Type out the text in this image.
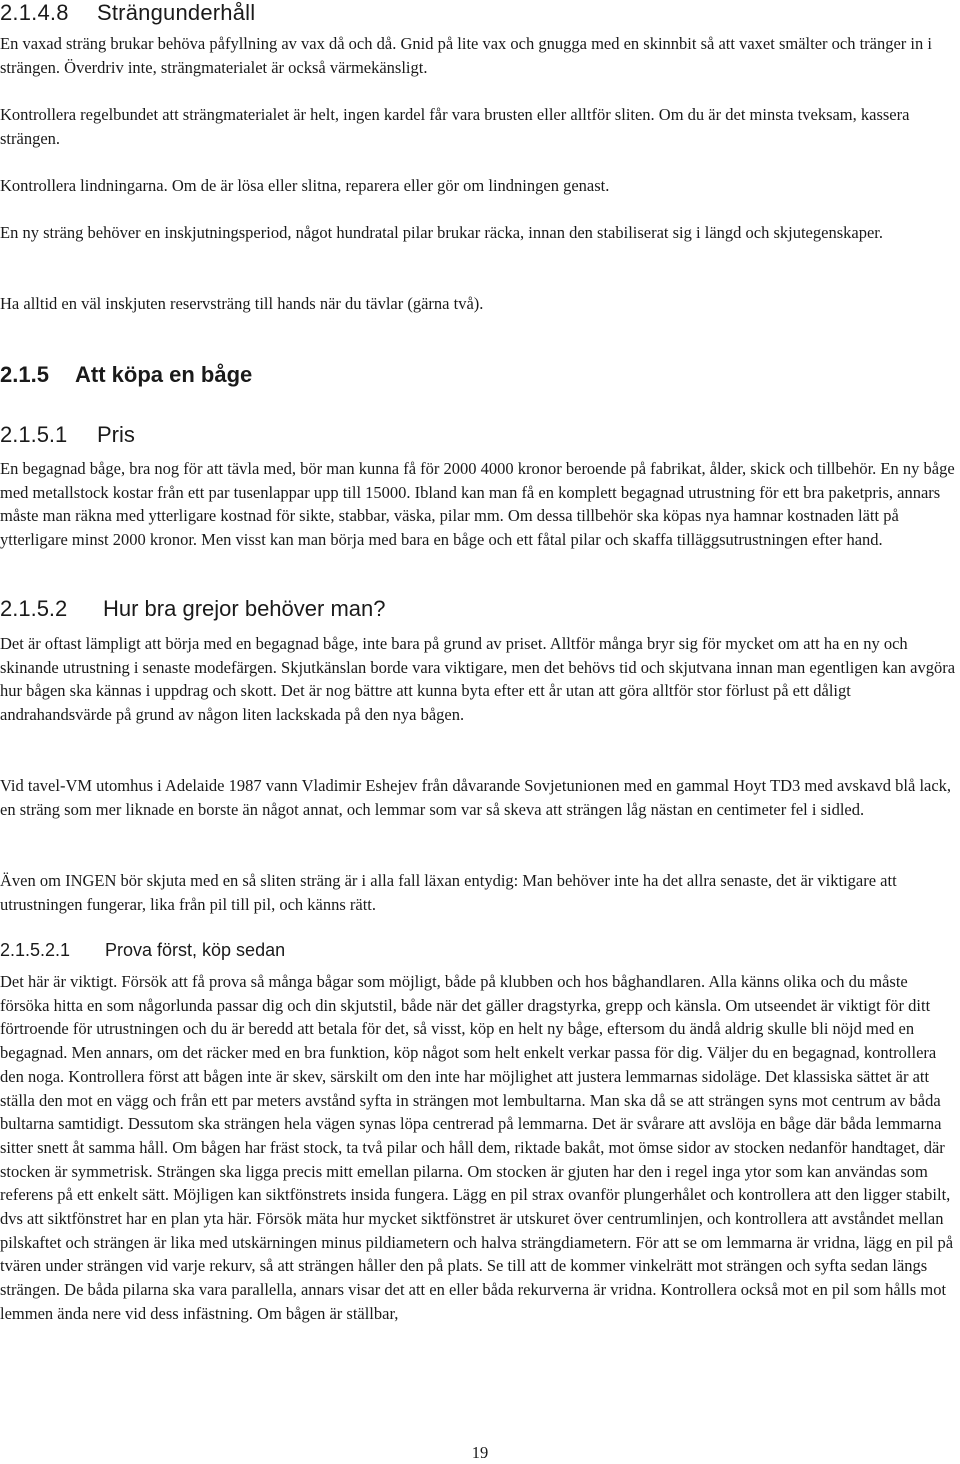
2.1.4.8 Strängunderhåll

En vaxad sträng brukar behöva påfyllning av vax då och då. Gnid på lite vax och gnugga med en skinnbit så att vaxet smälter och tränger in i strängen. Överdriv inte, strängmaterialet är också värmekänsligt.

Kontrollera regelbundet att strängmaterialet är helt, ingen kardel får vara brusten eller alltför sliten. Om du är det minsta tveksam, kassera strängen.

Kontrollera lindningarna. Om de är lösa eller slitna, reparera eller gör om lindningen genast.

En ny sträng behöver en inskjutningsperiod, något hundratal pilar brukar räcka, innan den stabiliserat sig i längd och skjutegenskaper.

Ha alltid en väl inskjuten reservsträng till hands när du tävlar (gärna två).

2.1.5 Att köpa en båge
2.1.5.1 Pris

En begagnad båge, bra nog för att tävla med, bör man kunna få för 2000 4000 kronor beroende på fabrikat, ålder, skick och tillbehör. En ny båge med metallstock kostar från ett par tusenlappar upp till 15000. Ibland kan man få en komplett begagnad utrustning för ett bra paketpris, annars måste man räkna med ytterligare kostnad för sikte, stabbar, väska, pilar mm. Om dessa tillbehör ska köpas nya hamnar kostnaden lätt på ytterligare minst 2000 kronor. Men visst kan man börja med bara en båge och ett fåtal pilar och skaffa tilläggsutrustningen efter hand.

2.1.5.2 Hur bra grejor behöver man?

Det är oftast lämpligt att börja med en begagnad båge, inte bara på grund av priset. Alltför många bryr sig för mycket om att ha en ny och skinande utrustning i senaste modefärgen. Skjutkänslan borde vara viktigare, men det behövs tid och skjutvana innan man egentligen kan avgöra hur bågen ska kännas i uppdrag och skott. Det är nog bättre att kunna byta efter ett år utan att göra alltför stor förlust på ett dåligt andrahandsvärde på grund av någon liten lackskada på den nya bågen.

Vid tavel-VM utomhus i Adelaide 1987 vann Vladimir Eshejev från dåvarande Sovjetunionen med en gammal Hoyt TD3 med avskavd blå lack, en sträng som mer liknade en borste än något annat, och lemmar som var så skeva att strängen låg nästan en centimeter fel i sidled.

Även om INGEN bör skjuta med en så sliten sträng är i alla fall läxan entydig: Man behöver inte ha det allra senaste, det är viktigare att utrustningen fungerar, lika från pil till pil, och känns rätt.

2.1.5.2.1 Prova först, köp sedan

Det här är viktigt. Försök att få prova så många bågar som möjligt, både på klubben och hos båghandlaren. Alla känns olika och du måste försöka hitta en som någorlunda passar dig och din skjutstil, både när det gäller dragstyrka, grepp och känsla. Om utseendet är viktigt för ditt förtroende för utrustningen och du är beredd att betala för det, så visst, köp en helt ny båge, eftersom du ändå aldrig skulle bli nöjd med en begagnad. Men annars, om det räcker med en bra funktion, köp något som helt enkelt verkar passa för dig. Väljer du en begagnad, kontrollera den noga. Kontrollera först att bågen inte är skev, särskilt om den inte har möjlighet att justera lemmarnas sidoläge. Det klassiska sättet är att ställa den mot en vägg och från ett par meters avstånd syfta in strängen mot lembultarna. Man ska då se att strängen syns mot centrum av båda bultarna samtidigt. Dessutom ska strängen hela vägen synas löpa centrerad på lemmarna. Det är svårare att avslöja en båge där båda lemmarna sitter snett åt samma håll. Om bågen har fräst stock, ta två pilar och håll dem, riktade bakåt, mot ömse sidor av stocken nedanför handtaget, där stocken är symmetrisk. Strängen ska ligga precis mitt emellan pilarna. Om stocken är gjuten har den i regel inga ytor som kan användas som referens på ett enkelt sätt. Möjligen kan siktfönstrets insida fungera. Lägg en pil strax ovanför plungerhålet och kontrollera att den ligger stabilt, dvs att siktfönstret har en plan yta här. Försök mäta hur mycket siktfönstret är utskuret över centrumlinjen, och kontrollera att avståndet mellan pilskaftet och strängen är lika med utskärningen minus pildiametern och halva strängdiametern. För att se om lemmarna är vridna, lägg en pil på tvären under strängen vid varje rekurv, så att strängen håller den på plats. Se till att de kommer vinkelrätt mot strängen och syfta sedan längs strängen. De båda pilarna ska vara parallella, annars visar det att en eller båda rekurverna är vridna. Kontrollera också mot en pil som hålls mot lemmen ända nere vid dess infästning. Om bågen är ställbar,

19
